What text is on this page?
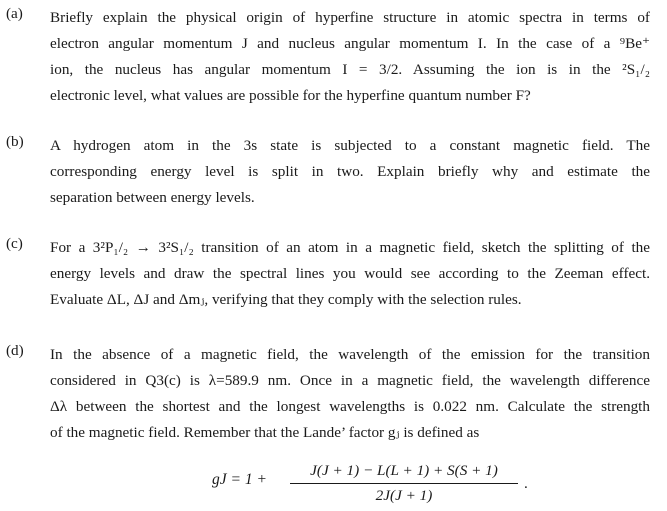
(a) Briefly explain the physical origin of hyperfine structure in atomic spectra in terms of
electron angular momentum J and nucleus angular momentum I. In the case of a ⁹Be⁺
ion, the nucleus has angular momentum I = 3/2. Assuming the ion is in the ²S₁/₂
electronic level, what values are possible for the hyperfine quantum number F?
(b) A hydrogen atom in the 3s state is subjected to a constant magnetic field. The
corresponding energy level is split in two. Explain briefly why and estimate the
separation between energy levels.
(c) For a 3²P₁/₂ → 3²S₁/₂ transition of an atom in a magnetic field, sketch the splitting of the
energy levels and draw the spectral lines you would see according to the Zeeman effect.
Evaluate ΔL, ΔJ and Δmⱼ, verifying that they comply with the selection rules.
(d) In the absence of a magnetic field, the wavelength of the emission for the transition
considered in Q3(c) is λ=589.9 nm. Once in a magnetic field, the wavelength difference
Δλ between the shortest and the longest wavelengths is 0.022 nm. Calculate the strength
of the magnetic field. Remember that the Lande’ factor gⱼ is defined as
gJ = 1 +
J(J + 1) − L(L + 1) + S(S + 1)
2J(J + 1)
.
